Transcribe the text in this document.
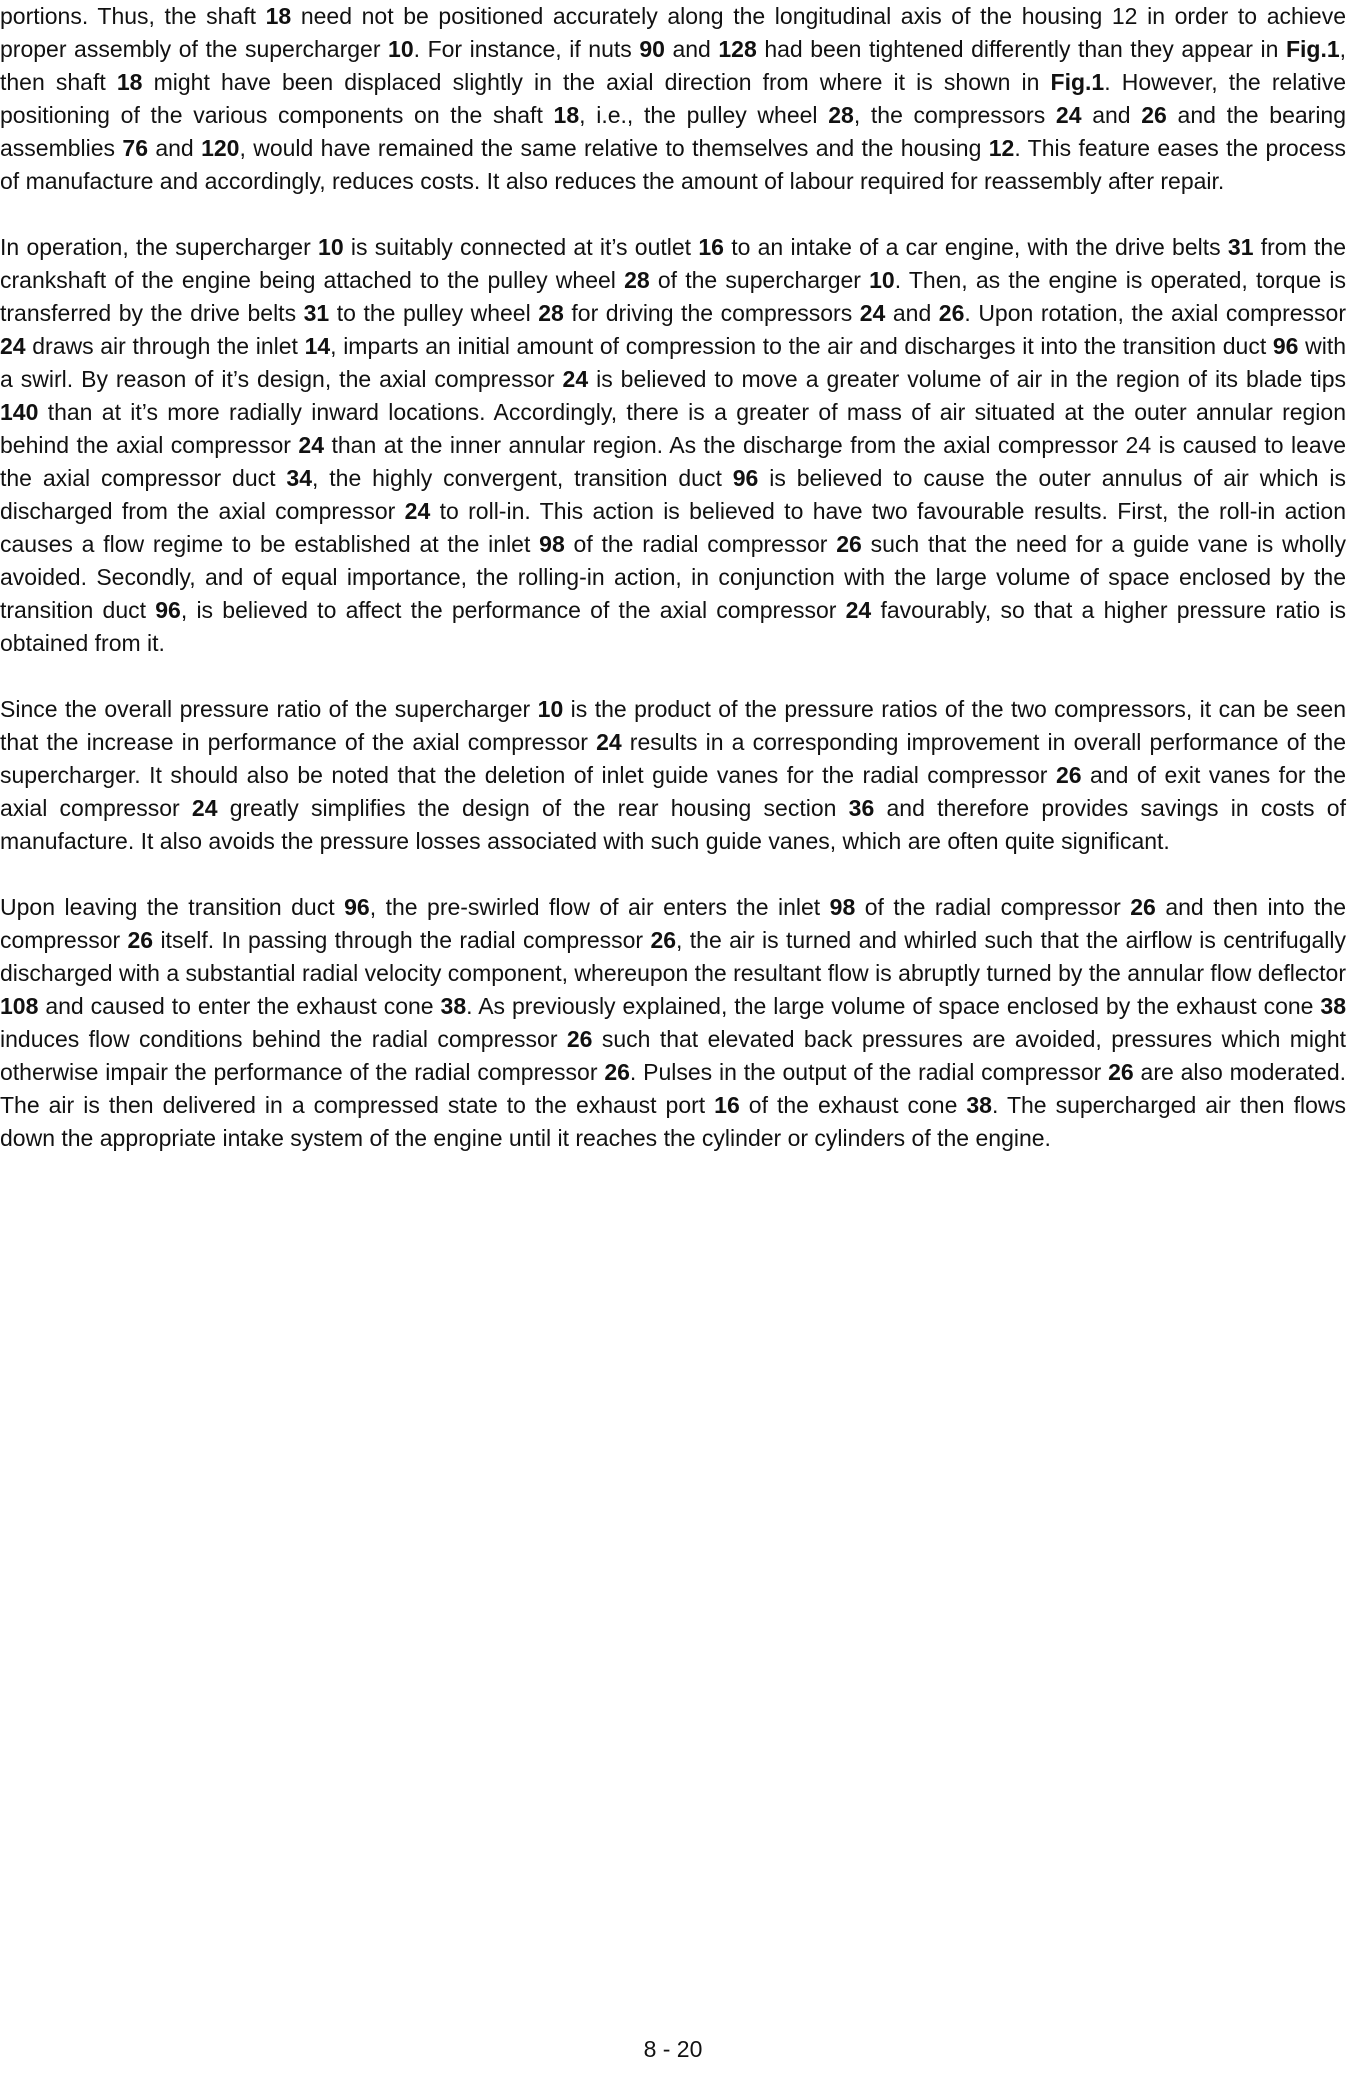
portions. Thus, the shaft 18 need not be positioned accurately along the longitudinal axis of the housing 12 in order to achieve proper assembly of the supercharger 10. For instance, if nuts 90 and 128 had been tightened differently than they appear in Fig.1, then shaft 18 might have been displaced slightly in the axial direction from where it is shown in Fig.1. However, the relative positioning of the various components on the shaft 18, i.e., the pulley wheel 28, the compressors 24 and 26 and the bearing assemblies 76 and 120, would have remained the same relative to themselves and the housing 12. This feature eases the process of manufacture and accordingly, reduces costs. It also reduces the amount of labour required for reassembly after repair.

In operation, the supercharger 10 is suitably connected at it’s outlet 16 to an intake of a car engine, with the drive belts 31 from the crankshaft of the engine being attached to the pulley wheel 28 of the supercharger 10. Then, as the engine is operated, torque is transferred by the drive belts 31 to the pulley wheel 28 for driving the compressors 24 and 26. Upon rotation, the axial compressor 24 draws air through the inlet 14, imparts an initial amount of compression to the air and discharges it into the transition duct 96 with a swirl. By reason of it’s design, the axial compressor 24 is believed to move a greater volume of air in the region of its blade tips 140 than at it’s more radially inward locations. Accordingly, there is a greater of mass of air situated at the outer annular region behind the axial compressor 24 than at the inner annular region. As the discharge from the axial compressor 24 is caused to leave the axial compressor duct 34, the highly convergent, transition duct 96 is believed to cause the outer annulus of air which is discharged from the axial compressor 24 to roll-in. This action is believed to have two favourable results. First, the roll-in action causes a flow regime to be established at the inlet 98 of the radial compressor 26 such that the need for a guide vane is wholly avoided. Secondly, and of equal importance, the rolling-in action, in conjunction with the large volume of space enclosed by the transition duct 96, is believed to affect the performance of the axial compressor 24 favourably, so that a higher pressure ratio is obtained from it.

Since the overall pressure ratio of the supercharger 10 is the product of the pressure ratios of the two compressors, it can be seen that the increase in performance of the axial compressor 24 results in a corresponding improvement in overall performance of the supercharger. It should also be noted that the deletion of inlet guide vanes for the radial compressor 26 and of exit vanes for the axial compressor 24 greatly simplifies the design of the rear housing section 36 and therefore provides savings in costs of manufacture. It also avoids the pressure losses associated with such guide vanes, which are often quite significant.

Upon leaving the transition duct 96, the pre-swirled flow of air enters the inlet 98 of the radial compressor 26 and then into the compressor 26 itself. In passing through the radial compressor 26, the air is turned and whirled such that the airflow is centrifugally discharged with a substantial radial velocity component, whereupon the resultant flow is abruptly turned by the annular flow deflector 108 and caused to enter the exhaust cone 38. As previously explained, the large volume of space enclosed by the exhaust cone 38 induces flow conditions behind the radial compressor 26 such that elevated back pressures are avoided, pressures which might otherwise impair the performance of the radial compressor 26. Pulses in the output of the radial compressor 26 are also moderated. The air is then delivered in a compressed state to the exhaust port 16 of the exhaust cone 38. The supercharged air then flows down the appropriate intake system of the engine until it reaches the cylinder or cylinders of the engine.

8 - 20
